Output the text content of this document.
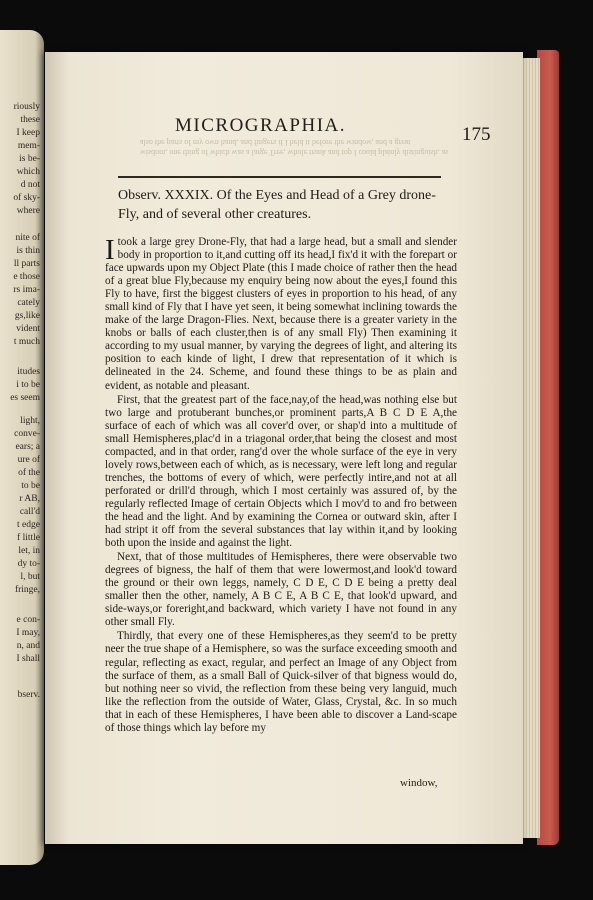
riously
these
I keep
mem-
is be-
which
d not
of sky-
where
nite of
is thin
ll parts
e those
rs ima-
cately
gs,like
vident
t much
itudes
i to be
es seem
light,
conve-
ears; a
ure of
of the
to be
r AB,
call'd
t edge
f little
let, in
dy to-
l, but
fringe,
e con-
I may,
n, and
I shall
bserv.
wisdom, one thing of which was a large Tree, whole trunk and top I could plainly distinguish, as also the parts of my own hand, and fingers if I held it before the window, and a great
MICROGRAPHIA.	175
Observ. XXXIX. Of the Eyes and Head of a Grey drone-Fly, and of several other creatures.

I took a large grey Drone-Fly, that had a large head, but a small and slender body in proportion to it,and cutting off its head,I fix'd it with the forepart or face upwards upon my Object Plate (this I made choice of rather then the head of a great blue Fly,because my enquiry being now about the eyes,I found this Fly to have, first the biggest clusters of eyes in proportion to his head, of any small kind of Fly that I have yet seen, it being somewhat inclining towards the make of the large Dragon-Flies. Next, because there is a greater variety in the knobs or balls of each cluster,then is of any small Fly) Then examining it according to my usual manner, by varying the degrees of light, and altering its position to each kinde of light, I drew that representation of it which is delineated in the 24. Scheme, and found these things to be as plain and evident, as notable and pleasant.

First, that the greatest part of the face,nay,of the head,was nothing else but two large and protuberant bunches,or prominent parts,A B C D E A,the surface of each of which was all cover'd over, or shap'd into a multitude of small Hemispheres,plac'd in a triagonal order,that being the closest and most compacted, and in that order, rang'd over the whole surface of the eye in very lovely rows,between each of which, as is necessary, were left long and regular trenches, the bottoms of every of which, were perfectly intire,and not at all perforated or drill'd through, which I most certainly was assured of, by the regularly reflected Image of certain Objects which I mov'd to and fro between the head and the light. And by examining the Cornea or outward skin, after I had stript it off from the several substances that lay within it,and by looking both upon the inside and against the light.

Next, that of those multitudes of Hemispheres, there were observable two degrees of bigness, the half of them that were lowermost,and look'd toward the ground or their own leggs, namely, C D E, C D E being a pretty deal smaller then the other, namely, A B C E, A B C E, that look'd upward, and side-ways,or foreright,and backward, which variety I have not found in any other small Fly.

Thirdly, that every one of these Hemispheres,as they seem'd to be pretty neer the true shape of a Hemisphere, so was the surface exceeding smooth and regular, reflecting as exact, regular, and perfect an Image of any Object from the surface of them, as a small Ball of Quick-silver of that bigness would do, but nothing neer so vivid, the reflection from these being very languid, much like the reflection from the outside of Water, Glass, Crystal, &c. In so much that in each of these Hemispheres, I have been able to discover a Land-scape of those things which lay before my

window,
